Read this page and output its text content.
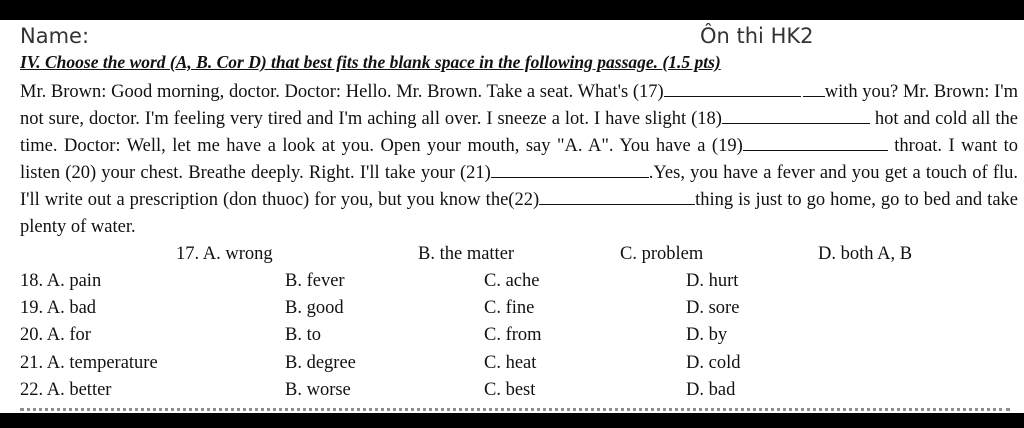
Name:	Ôn thi HK2
IV. Choose the word (A, B. Cor D) that best fits the blank space in the following passage. (1.5 pts)
Mr. Brown: Good morning, doctor. Doctor: Hello. Mr. Brown. Take a seat. What's (17)	with you? Mr. Brown: I'm not sure, doctor. I'm feeling very tired and I'm aching all over. I sneeze a lot. I have slight (18)	hot and cold all the time. Doctor: Well, let me have a look at you. Open your mouth, say "A. A". You have a (19)	throat. I want to listen (20) your chest. Breathe deeply. Right. I'll take your (21)	.Yes, you have a fever and you get a touch of flu. I'll write out a prescription (don thuoc) for you, but you know the(22)	thing is just to go home, go to bed and take plenty of water.
17. A. wrong	B. the matter	C. problem	D. both A, B
18. A. pain	B. fever	C. ache	D. hurt
19. A. bad	B. good	C. fine	D. sore
20. A. for	B. to	C. from	D. by
21. A. temperature	B. degree	C. heat	D. cold
22. A. better	B. worse	C. best	D. bad
